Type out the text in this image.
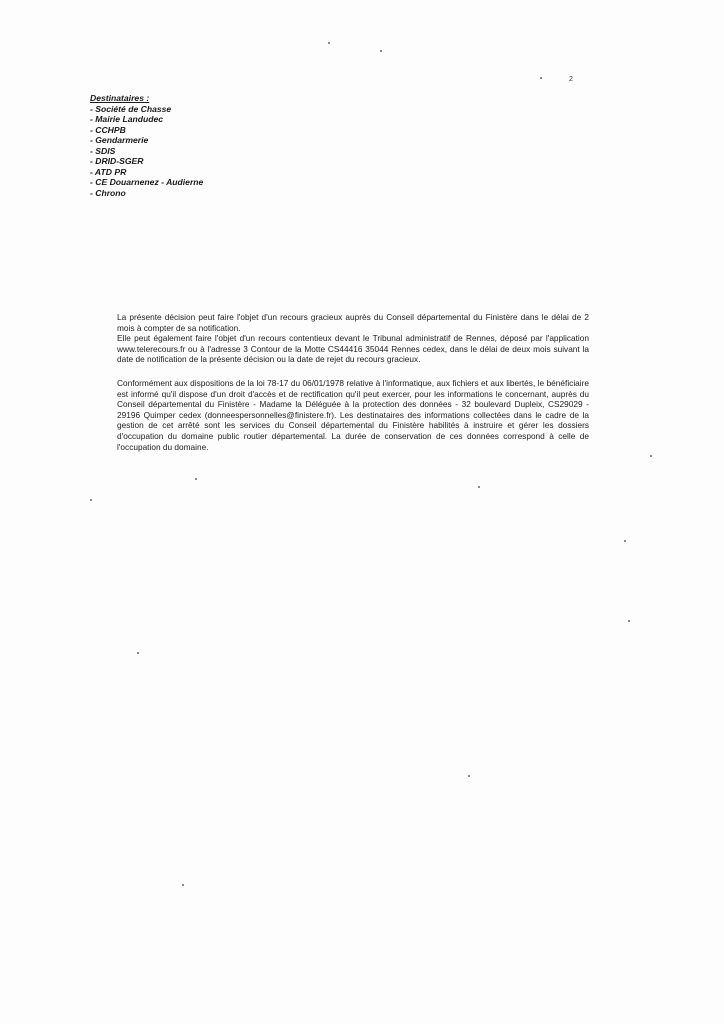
2
Destinataires :
- Société de Chasse
- Mairie Landudec
- CCHPB
- Gendarmerie
- SDIS
- DRID-SGER
- ATD PR
- CE Douarnenez - Audierne
- Chrono

La présente décision peut faire l'objet d'un recours gracieux auprès du Conseil départemental du Finistère dans le délai de 2 mois à compter de sa notification.

Elle peut également faire l'objet d'un recours contentieux devant le Tribunal administratif de Rennes, déposé par l'application www.telerecours.fr ou à l'adresse 3 Contour de la Motte CS44416 35044 Rennes cedex, dans le délai de deux mois suivant la date de notification de la présente décision ou la date de rejet du recours gracieux.

Conformément aux dispositions de la loi 78-17 du 06/01/1978 relative à l'informatique, aux fichiers et aux libertés, le bénéficiaire est informé qu'il dispose d'un droit d'accès et de rectification qu'il peut exercer, pour les informations le concernant, auprès du Conseil départemental du Finistère - Madame la Déléguée à la protection des données - 32 boulevard Dupleix, CS29029 - 29196 Quimper cedex (donneespersonnelles@finistere.fr). Les destinataires des informations collectées dans le cadre de la gestion de cet arrêté sont les services du Conseil départemental du Finistère habilités à instruire et gérer les dossiers d'occupation du domaine public routier départemental. La durée de conservation de ces données correspond à celle de l'occupation du domaine.
